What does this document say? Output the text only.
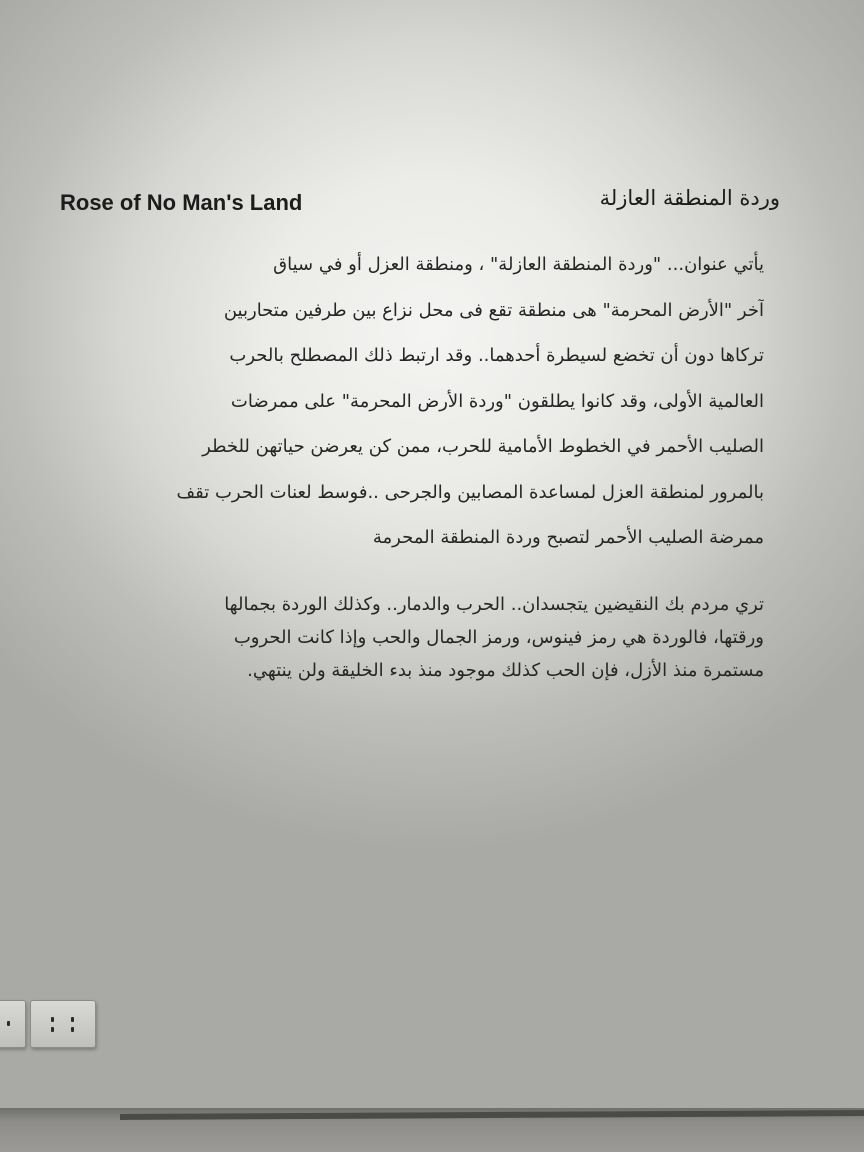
Rose of No Man's Land	وردة المنطقة العازلة
يأتي عنوان... "وردة المنطقة العازلة" ، ومنطقة العزل أو في سياق
آخر "الأرض المحرمة" هى منطقة تقع فى محل نزاع بين طرفين متحاربين
تركاها دون أن تخضع لسيطرة أحدهما.. وقد ارتبط ذلك المصطلح بالحرب
العالمية الأولى، وقد كانوا يطلقون "وردة الأرض المحرمة" على ممرضات
الصليب الأحمر في الخطوط الأمامية للحرب، ممن كن يعرضن حياتهن للخطر
بالمرور لمنطقة العزل لمساعدة المصابين والجرحى ..فوسط لعنات الحرب تقف
ممرضة الصليب الأحمر لتصبح وردة المنطقة المحرمة
تري مردم بك النقيضين يتجسدان.. الحرب والدمار.. وكذلك الوردة بجمالها
ورقتها، فالوردة هي رمز فينوس، ورمز الجمال والحب وإذا كانت الحروب
مستمرة منذ الأزل، فإن الحب كذلك موجود منذ بدء الخليقة ولن ينتهي.
